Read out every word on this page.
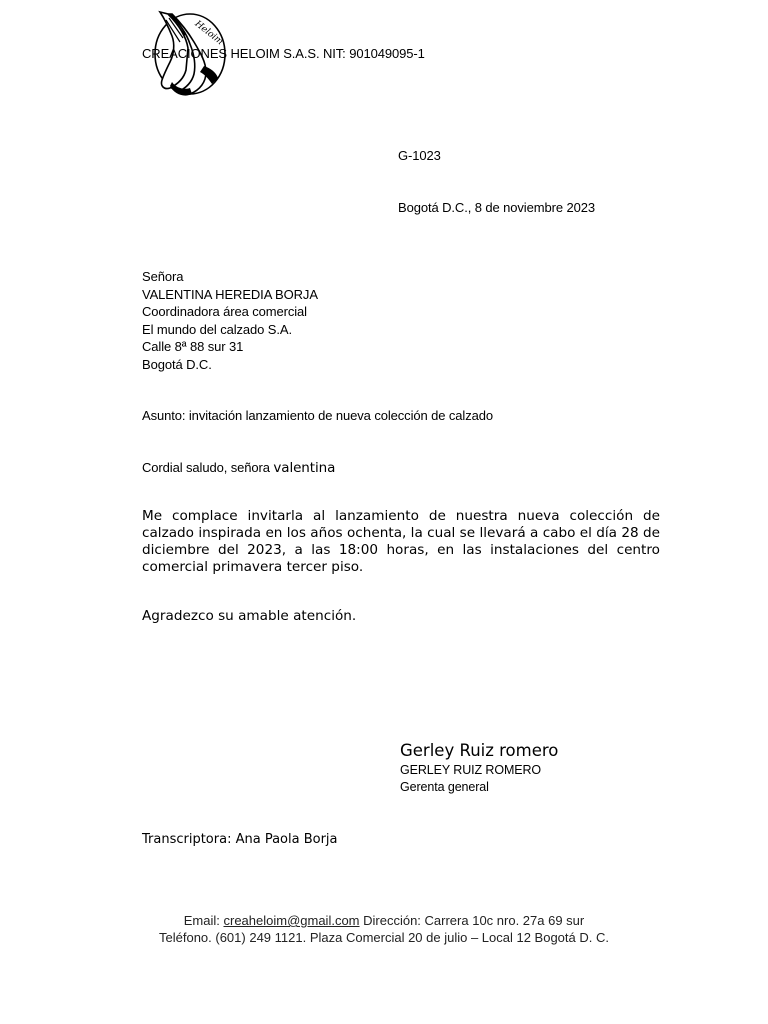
Heloim
CREACIONES HELOIM S.A.S. NIT: 901049095-1
G-1023
Bogotá D.C., 8 de noviembre 2023
Señora
VALENTINA HEREDIA BORJA
Coordinadora área comercial
El mundo del calzado S.A.
Calle 8ª 88 sur 31
Bogotá D.C.
Asunto: invitación lanzamiento de nueva colección de calzado
Cordial saludo, señora valentina
Me complace invitarla al lanzamiento de nuestra nueva colección de calzado inspirada en los años ochenta, la cual se llevará a cabo el día 28 de diciembre del 2023, a las 18:00 horas, en las instalaciones del centro comercial primavera tercer piso.
Agradezco su amable atención.
Gerley Ruiz romero
GERLEY RUIZ ROMERO
Gerenta general
Transcriptora: Ana Paola Borja
Email: creaheloim@gmail.com Dirección: Carrera 10c nro. 27a 69 sur
Teléfono. (601) 249 1121. Plaza Comercial 20 de julio – Local 12 Bogotá D. C.
